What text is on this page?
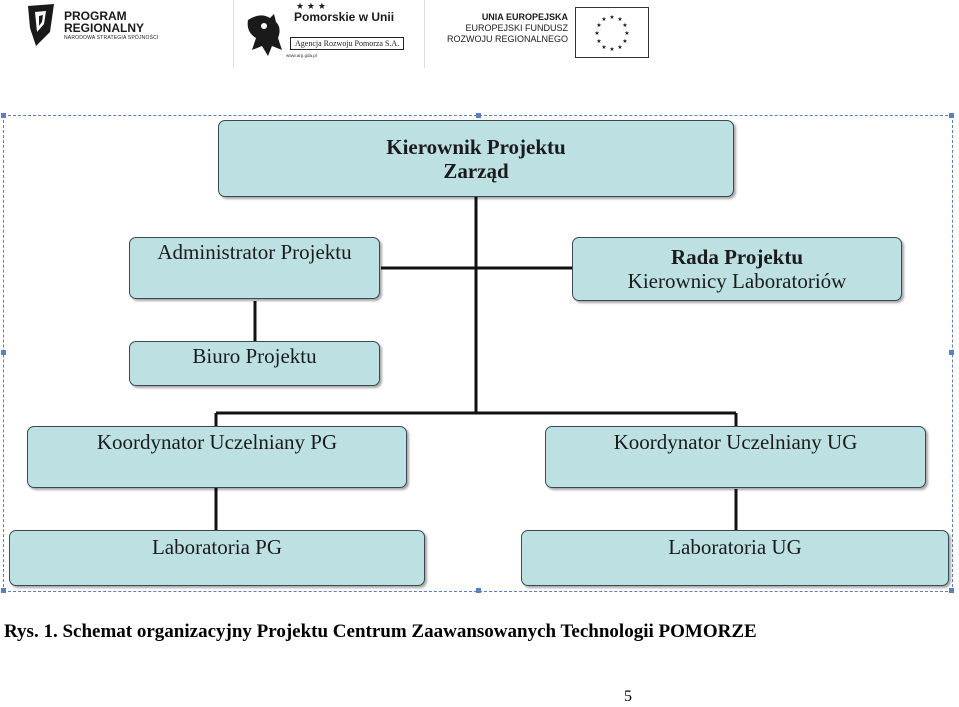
PROGRAM
REGIONALNY
NARODOWA STRATEGIA SPÓJNOŚCI
★ ★ ★
Pomorskie w Unii
Agencja Rozwoju Pomorza S.A.
www.arp.gda.pl
UNIA EUROPEJSKA
EUROPEJSKI FUNDUSZ
ROZWOJU REGIONALNEGO
★ ★
★
★
★
★
★
★
★
★
★
★
Kierownik Projektu
Zarząd
Administrator Projektu	Rada Projektu
Kierownicy Laboratoriów
Biuro Projektu
Koordynator Uczelniany PG	Koordynator Uczelniany UG
Laboratoria PG	Laboratoria UG
Rys. 1. Schemat organizacyjny Projektu Centrum Zaawansowanych Technologii POMORZE
5
